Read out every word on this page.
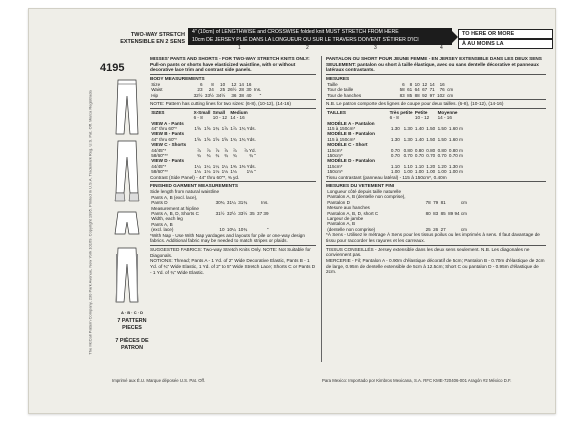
TWO-WAY STRETCH
EXTENSIBLE EN 2 SENS
4" (10cm) of LENGTHWISE and CROSSWISE folded knit MUST STRETCH FROM HERE
10cm DE JERSEY PLIÉ DANS LA LONGUEUR OU SUR LE TRAVERS DOIVENT S'ÉTIRER D'ICI
1	2	3	4
TO HERE OR MORE
À AU MOINS LA
4195
The McCall Pattern Company, 230 Park Avenue, New York 10169. Copyright 1995. Printed in U.S.A. Trademark Reg. U.S. Pat. Off. Marca Registrada	A · B · C · D
7 PATTERN PIECES
7 PIÈCES DE PATRON
MISSES' PANTS AND SHORTS - FOR TWO-WAY STRETCH KNITS ONLY: Pull-on pants or shorts have elasticized waistline, with or without decorative lace trim and contrast side panels.
BODY MEASUREMENTS
Size	6	8	10	12	14	16	
Waist	23	24	25	26½	28	30	Ins.
Hip	32½	33½	34½	36	38	40	"
NOTE: Pattern has cutting lines for two sizes: (6-8), (10-12), (14-16)
SIZES	X-Small		Small		Medium	
	6 - 8		10 - 12		14 - 16	
VIEW A - Pants						
44" thru 60"*	1⅝	1⅝	1¾	1⅞	1⅞	1¾ Yds.
VIEW B - Pants						
44" thru 60"*	1⅝	1⅝	1⅝	1⅝	1¾	1¾ Yds.
VIEW C - Shorts						
44/45"*	⅞	⅞	⅞	⅞	⅞	⅞ Yd.
58/60"**	¾	¾	¾	¾	¾	¾ "
VIEW D - Pants						
44/45"*	1¼	1¼	1¼	1¼	1⅜	1⅜ Yds.
58/60"**	1⅛	1⅛	1⅛	1⅛	1⅛	1⅛ "
Contrast (Side Panel) - 44" thru 60"*, ⅜ yd.
FINISHED GARMENT MEASUREMENTS
Side length from natural waistline
Pants A, B (excl. lace),					
Pants D	30¾	31¼	31¾		Ins.
Measurement at hipline					
Pants A, B, D, Shorts C	31½	32½	33½	35	37 39
Width, each leg					
Pants A, B					
(excl. lace)	10	10¼	10¾		"
*With Nap - Use With Nap yardages and layouts for pile or one-way design fabrics. Additional fabric may be needed to match stripes or plaids.
SUGGESTED FABRICS: Two-way Stretch Knits Only. NOTE: Not Suitable for Diagonals.
NOTIONS: Thread; Pants A - 1 Yd. of 2" Wide Decorative Elastic, Pants B - 1 Yd. of ¾" Wide Elastic, 1 Yd. of 2" to 5" Wide Stretch Lace; Shorts C or Pants D - 1 Yd. of ¾" Wide Elastic.
PANTALON OU SHORT POUR JEUNE FEMME - EN JERSEY EXTENSIBLE DANS LES DEUX SENS SEULEMENT: pantalon ou short à taille élastique, avec ou sans dentelle décorative et panneaux latéraux contrastants.
MESURES
Taille	6	8	10	12	14	16	
Tour de taille	58	61	64	67	71	76	cm
Tour de hanches	83	85	88	92	97	102	cm
N.B. Le patron comporte des lignes de coupe pour deux tailles. (6-8), (10-12), (14-16)
TAILLES	Très petite		Petite		Moyenne	
	6 - 8		10 - 12		14 - 16	
MODÈLE A - Pantalon						
115 à 150cm*	1.30	1.30	1.40	1.50	1.50	1.60 m
MODÈLE B - Pantalon						
115 à 150cm*	1.30	1.30	1.40	1.50	1.50	1.60 m
MODÈLE C - Short						
115cm*	0.70	0.80	0.80	0.80	0.80	0.80 m
150cm*	0.70	0.70	0.70	0.70	0.70	0.70 m
MODÈLE D - Pantalon						
115cm*	1.10	1.10	1.10	1.20	1.20	1.30 m
150cm*	1.00	1.00	1.00	1.00	1.00	1.00 m
Tissu contrastant (panneau latéral) - 115 à 150cm*, 0.40m
MESURES DU VETEMENT FINI
Longueur côté depuis taille naturelle				
Pantalon A, B (dentelle non comprise),				
Pantalon D	78	79	81	cm
Mesure aux hanches				
Pantalon A, B, D, short C	80	83	85	89 94 cm
Largeur de jambe				
Pantalon A, B				
(dentelle non comprise)	25	26	27	cm
*À Sens - Utilisez le métrage À Sens pour les tissus poilus ou les imprimés à sens. Il faut davantage de tissu pour raccorder les rayures et les carreaux.
TISSUS CONSEILLÉS - Jersey extensible dans les deux sens seulement. N.B. Les diagonales ne conviennent pas.
MERCERIE - Fil; Pantalon A - 0.90m d'élastique décoratif de 5cm; Pantalon B - 0.70m d'élastique de 2cm de large, 0.95m de dentelle extensible de 5cm à 12.5cm; Short C ou pantalon D - 0.95m d'élastique de 2cm.
Imprimé aux É.U. Marque déposée U.S. Pat. Off.	Para Mexico: Importado por Kimbros Mexicana, S.A. RFC KME-720406-001 Aragón #2 México D.F.
